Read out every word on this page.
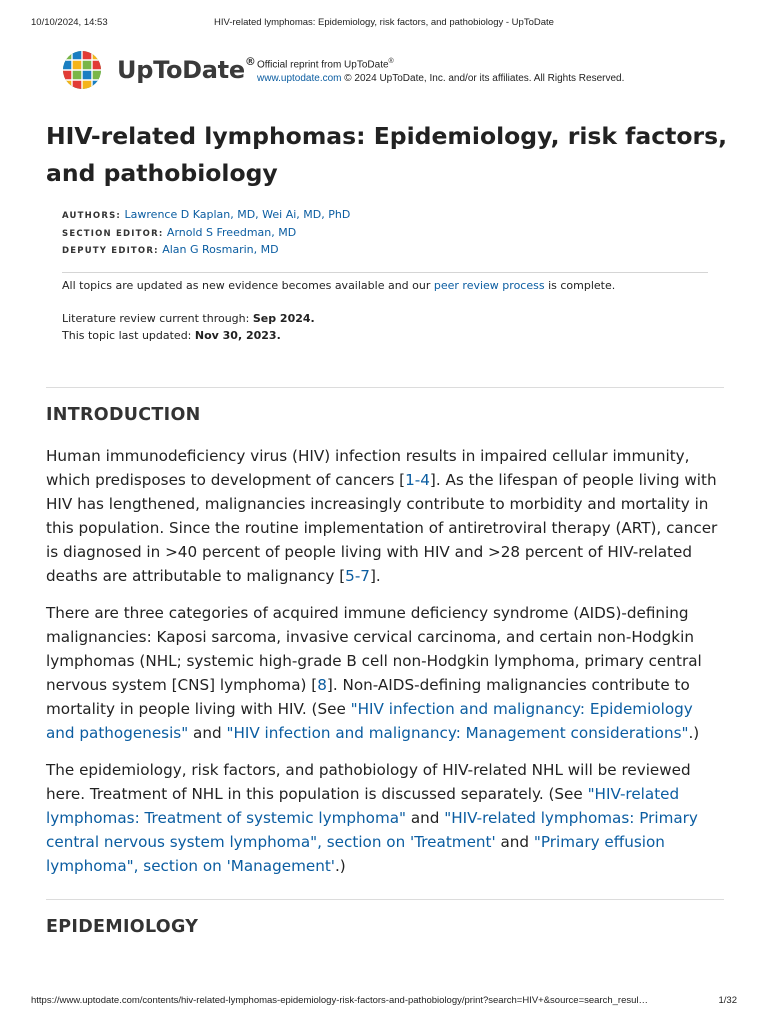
10/10/2024, 14:53	HIV-related lymphomas: Epidemiology, risk factors, and pathobiology - UpToDate
UpToDate® Official reprint from UpToDate®
www.uptodate.com © 2024 UpToDate, Inc. and/or its affiliates. All Rights Reserved.
HIV-related lymphomas: Epidemiology, risk factors, and pathobiology
AUTHORS: Lawrence D Kaplan, MD, Wei Ai, MD, PhD
SECTION EDITOR: Arnold S Freedman, MD
DEPUTY EDITOR: Alan G Rosmarin, MD
All topics are updated as new evidence becomes available and our peer review process is complete.
Literature review current through: Sep 2024.
This topic last updated: Nov 30, 2023.
INTRODUCTION

Human immunodeficiency virus (HIV) infection results in impaired cellular immunity, which predisposes to development of cancers [1-4]. As the lifespan of people living with HIV has lengthened, malignancies increasingly contribute to morbidity and mortality in this population. Since the routine implementation of antiretroviral therapy (ART), cancer is diagnosed in >40 percent of people living with HIV and >28 percent of HIV-related deaths are attributable to malignancy [5-7].

There are three categories of acquired immune deficiency syndrome (AIDS)-defining malignancies: Kaposi sarcoma, invasive cervical carcinoma, and certain non-Hodgkin lymphomas (NHL; systemic high-grade B cell non-Hodgkin lymphoma, primary central nervous system [CNS] lymphoma) [8]. Non-AIDS-defining malignancies contribute to mortality in people living with HIV. (See "HIV infection and malignancy: Epidemiology and pathogenesis" and "HIV infection and malignancy: Management considerations".)

The epidemiology, risk factors, and pathobiology of HIV-related NHL will be reviewed here. Treatment of NHL in this population is discussed separately. (See "HIV-related lymphomas: Treatment of systemic lymphoma" and "HIV-related lymphomas: Primary central nervous system lymphoma", section on 'Treatment' and "Primary effusion lymphoma", section on 'Management'.)

EPIDEMIOLOGY
https://www.uptodate.com/contents/hiv-related-lymphomas-epidemiology-risk-factors-and-pathobiology/print?search=HIV+&source=search_resul…	1/32
